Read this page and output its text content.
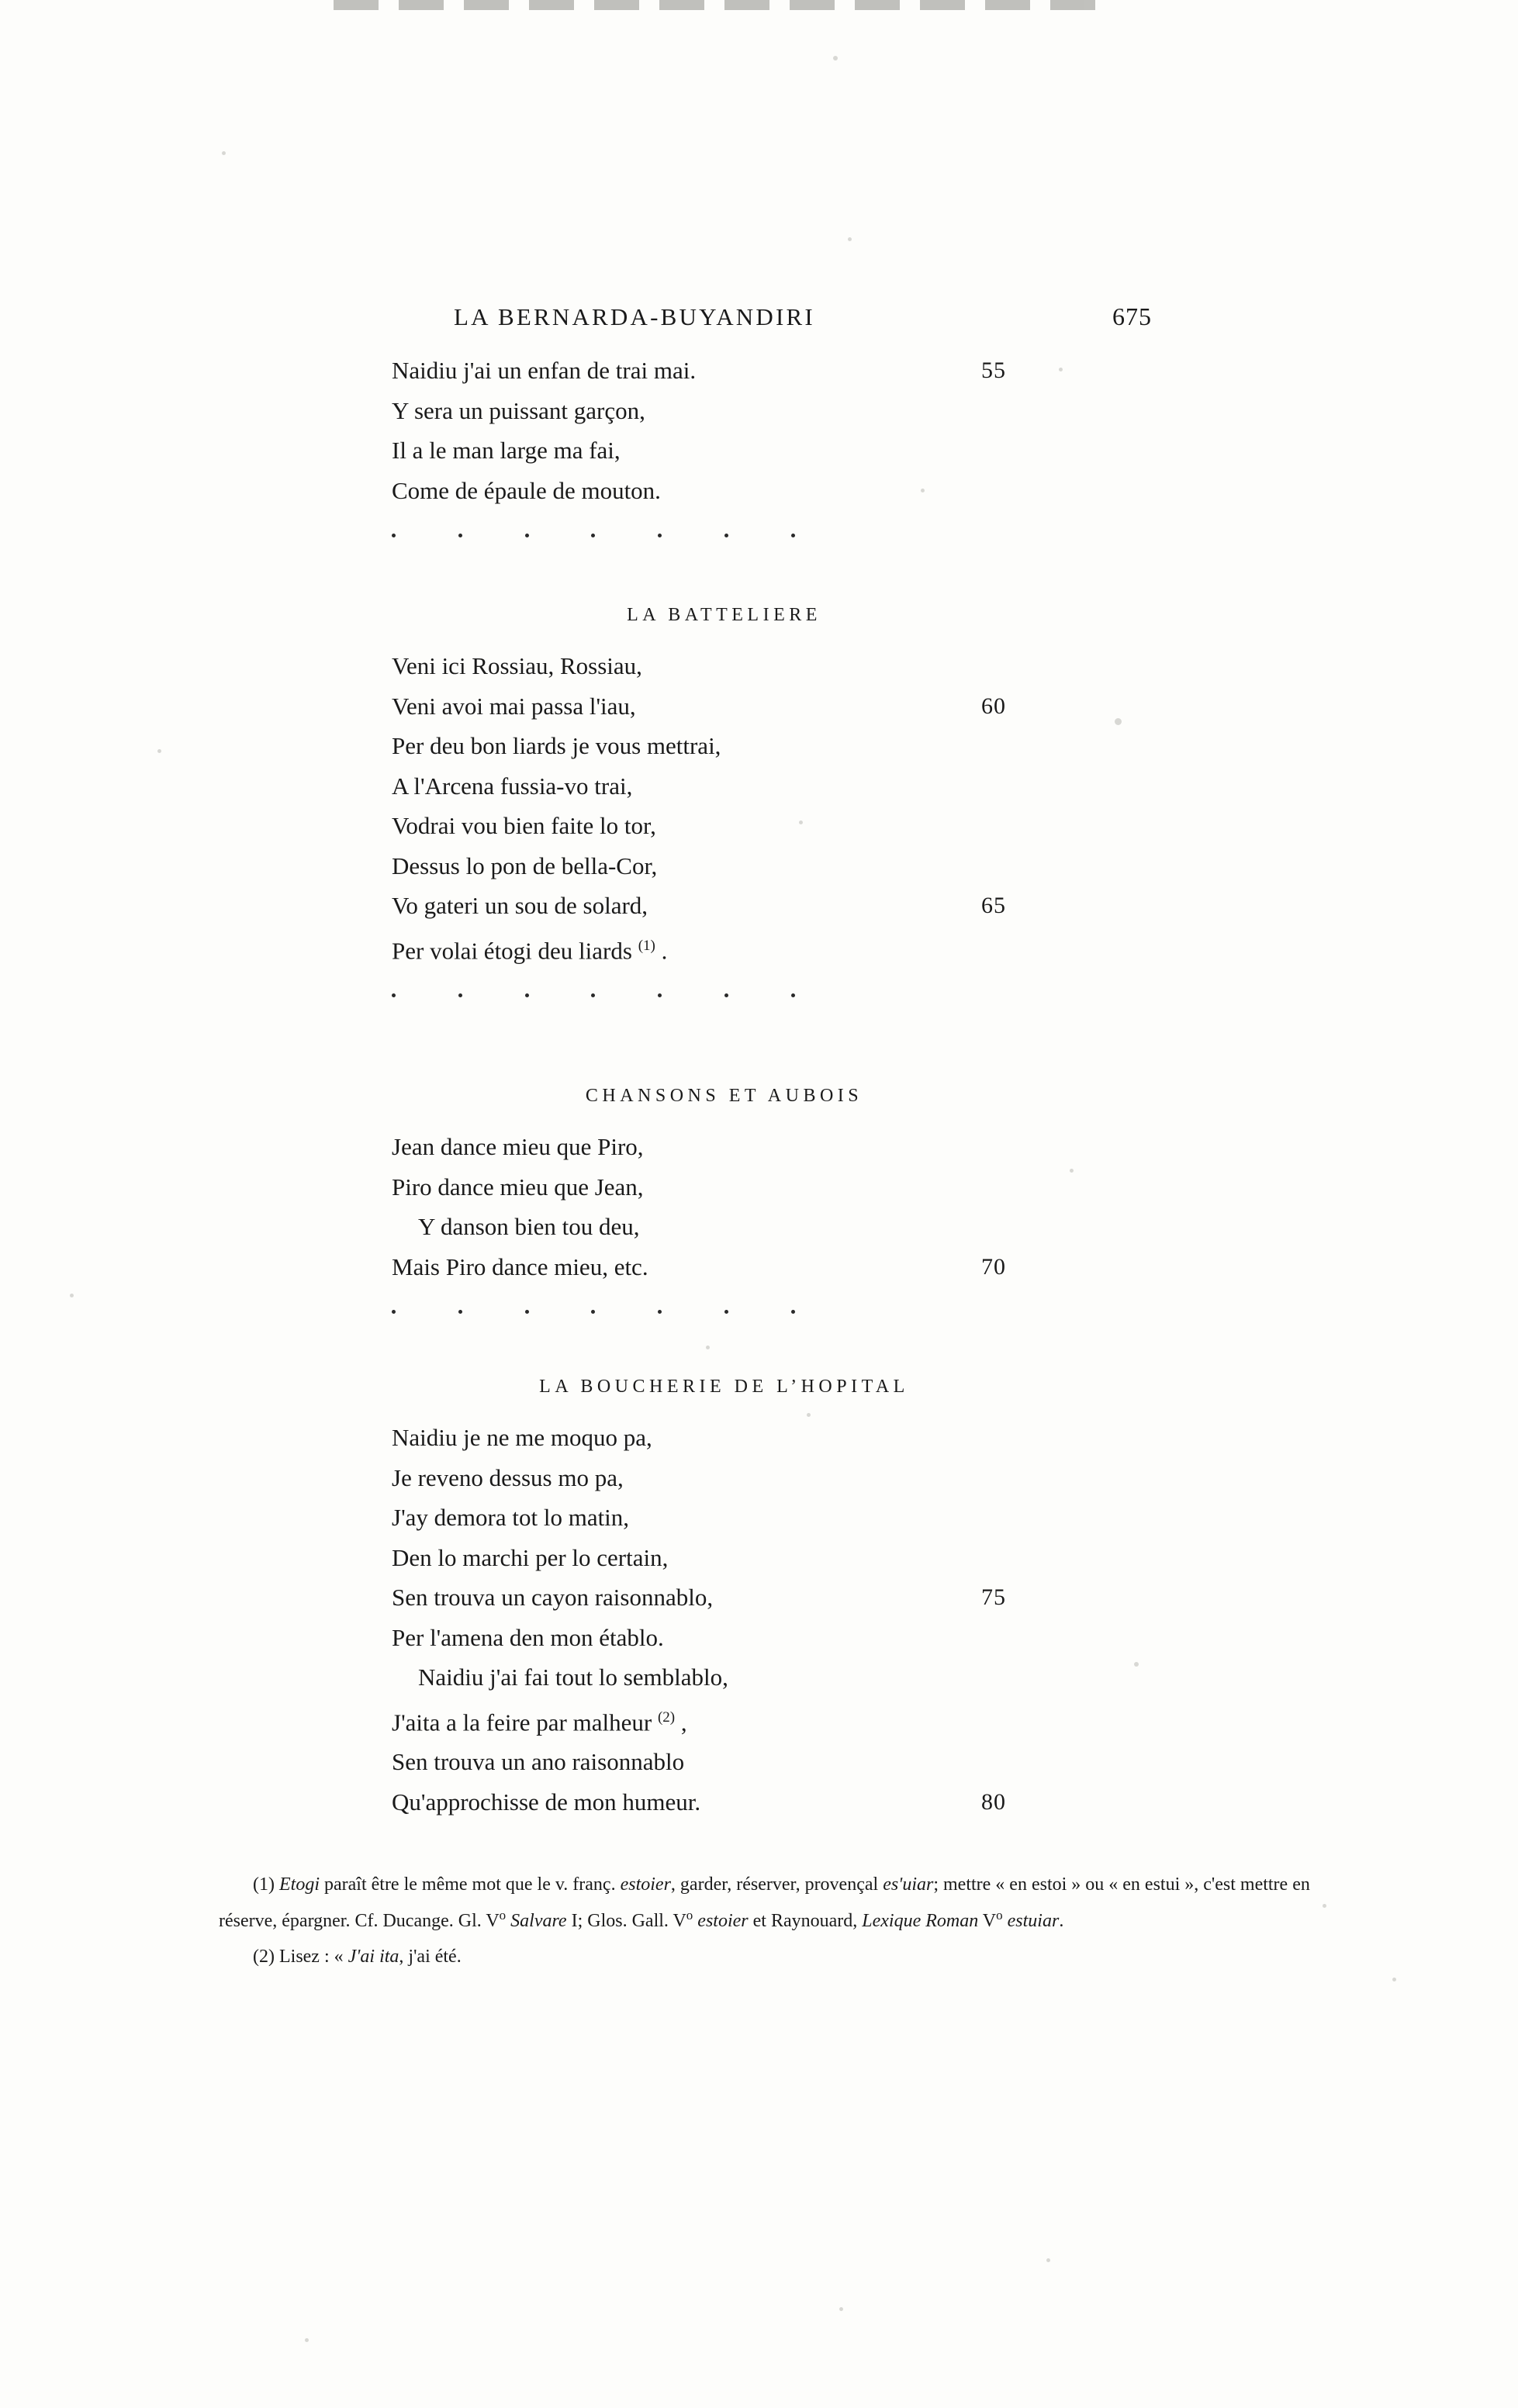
LA BERNARDA-BUYANDIRI	675
Naidiu j'ai un enfan de trai mai.	55
Y sera un puissant garçon,
Il a le man large ma fai,
Come de épaule de mouton.
LA BATTELIERE
Veni ici Rossiau, Rossiau,
Veni avoi mai passa l'iau,	60
Per deu bon liards je vous mettrai,
A l'Arcena fussia-vo trai,
Vodrai vou bien faite lo tor,
Dessus lo pon de bella-Cor,
Vo gateri un sou de solard,	65
Per volai étogi deu liards $^{(1)}$ .
CHANSONS ET AUBOIS
Jean dance mieu que Piro,
Piro dance mieu que Jean,
Y danson bien tou deu,
Mais Piro dance mieu, etc.	70
LA BOUCHERIE DE L’HOPITAL
Naidiu je ne me moquo pa,
Je reveno dessus mo pa,
J'ay demora tot lo matin,
Den lo marchi per lo certain,
Sen trouva un cayon raisonnablo,	75
Per l'amena den mon établo.
Naidiu j'ai fai tout lo semblablo,
J'aita a la feire par malheur $^{(2)}$ ,
Sen trouva un ano raisonnablo
Qu'approchisse de mon humeur.	80
(1) Etogi paraît être le même mot que le v. franç. estoier, garder, réserver, provençal esʹuiar; mettre « en estoi » ou « en estui », c'est mettre en réserve, épargner. Cf. Ducange. Gl. $V^o$ Salvare I; Glos. Gall. $V^o$ estoier et Raynouard, Lexique Roman $V^o$ estuiar.
(2) Lisez : « J'ai ita, j'ai été.
